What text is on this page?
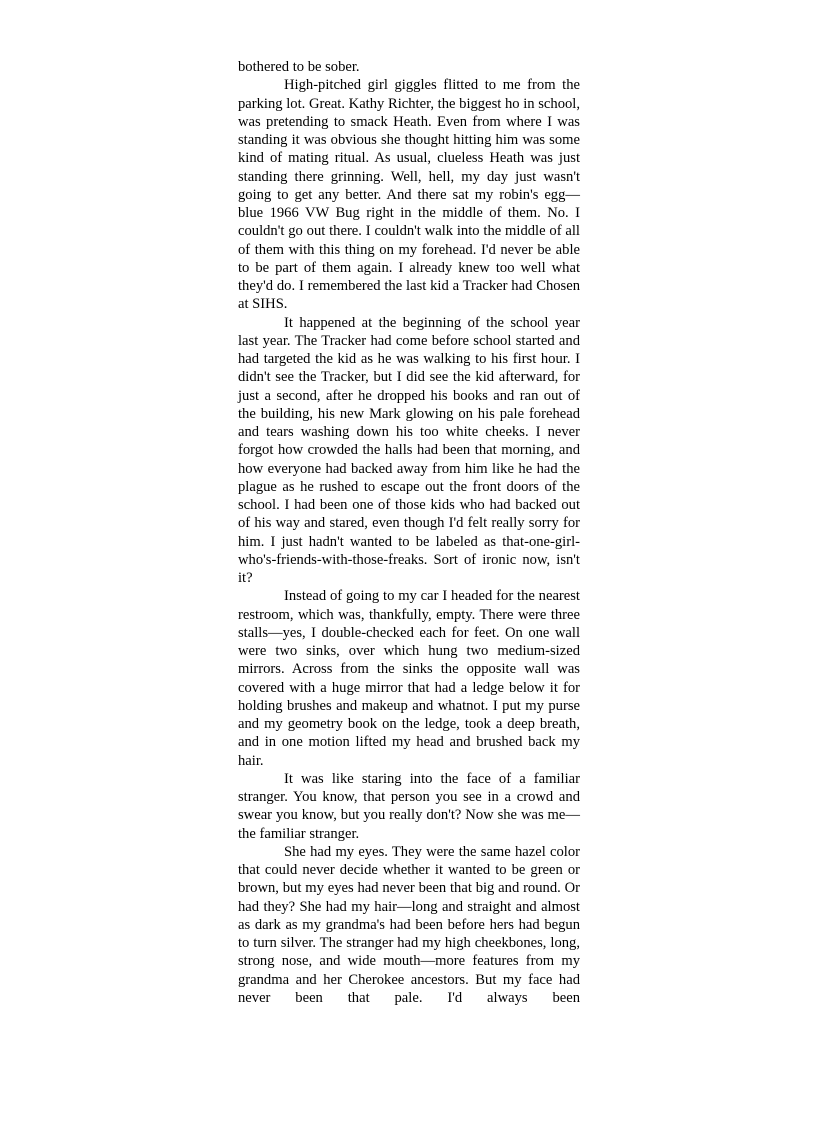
bothered to be sober.

High-pitched girl giggles flitted to me from the parking lot. Great. Kathy Richter, the biggest ho in school, was pretending to smack Heath. Even from where I was standing it was obvious she thought hitting him was some kind of mating ritual. As usual, clueless Heath was just standing there grinning. Well, hell, my day just wasn't going to get any better. And there sat my robin's egg—blue 1966 VW Bug right in the middle of them. No. I couldn't go out there. I couldn't walk into the middle of all of them with this thing on my forehead. I'd never be able to be part of them again. I already knew too well what they'd do. I remembered the last kid a Tracker had Chosen at SIHS.

It happened at the beginning of the school year last year. The Tracker had come before school started and had targeted the kid as he was walking to his first hour. I didn't see the Tracker, but I did see the kid afterward, for just a second, after he dropped his books and ran out of the building, his new Mark glowing on his pale forehead and tears washing down his too white cheeks. I never forgot how crowded the halls had been that morning, and how everyone had backed away from him like he had the plague as he rushed to escape out the front doors of the school. I had been one of those kids who had backed out of his way and stared, even though I'd felt really sorry for him. I just hadn't wanted to be labeled as that-one-girl-who's-friends-with-those-freaks. Sort of ironic now, isn't it?

Instead of going to my car I headed for the nearest restroom, which was, thankfully, empty. There were three stalls—yes, I double-checked each for feet. On one wall were two sinks, over which hung two medium-sized mirrors. Across from the sinks the opposite wall was covered with a huge mirror that had a ledge below it for holding brushes and makeup and whatnot. I put my purse and my geometry book on the ledge, took a deep breath, and in one motion lifted my head and brushed back my hair.

It was like staring into the face of a familiar stranger. You know, that person you see in a crowd and swear you know, but you really don't? Now she was me—the familiar stranger.

She had my eyes. They were the same hazel color that could never decide whether it wanted to be green or brown, but my eyes had never been that big and round. Or had they? She had my hair—long and straight and almost as dark as my grandma's had been before hers had begun to turn silver. The stranger had my high cheekbones, long, strong nose, and wide mouth—more features from my grandma and her Cherokee ancestors. But my face had never been that pale. I'd always been
